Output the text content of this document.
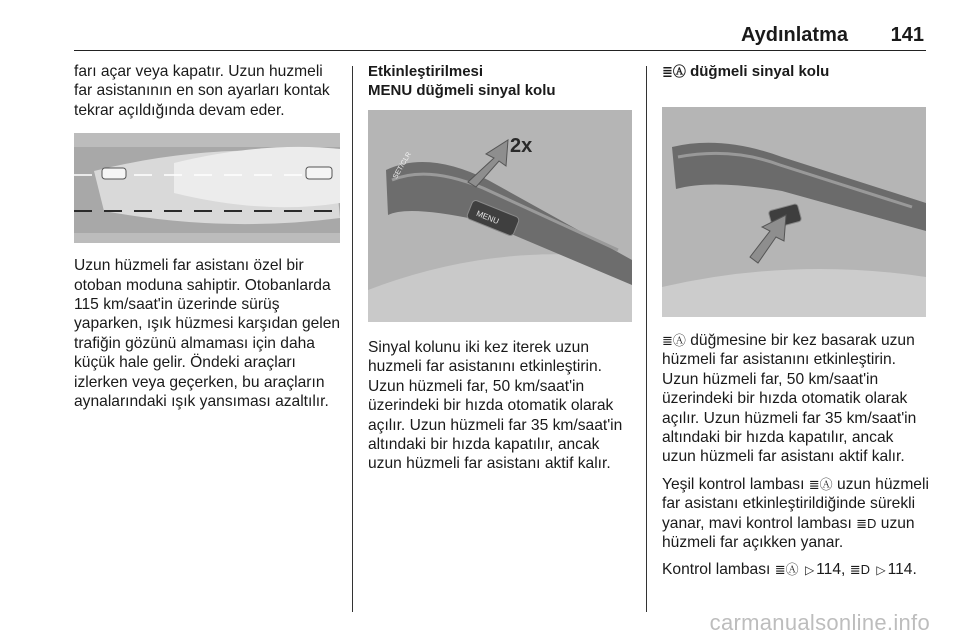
Aydınlatma 141

farı açar veya kapatır. Uzun huzmeli far asistanının en son ayarları kontak tekrar açıldığında devam eder.

Uzun hüzmeli far asistanı özel bir otoban moduna sahiptir. Otobanlarda 115 km/saat'in üzerinde sürüş yaparken, ışık hüzmesi karşıdan gelen trafiğin gözünü almaması için daha küçük hale gelir. Öndeki araçları izlerken veya geçerken, bu araçların aynalarındaki ışık yansıması azaltılır.

Etkinleştirilmesi

MENU düğmeli sinyal kolu

MENU
SET/CLR
2x

Sinyal kolunu iki kez iterek uzun huzmeli far asistanını etkinleştirin. Uzun hüzmeli far, 50 km/saat'in üzerindeki bir hızda otomatik olarak açılır. Uzun hüzmeli far 35 km/saat'in altındaki bir hızda kapatılır, ancak uzun hüzmeli far asistanı aktif kalır.

≣Ⓐ düğmeli sinyal kolu

≣Ⓐ düğmesine bir kez basarak uzun hüzmeli far asistanını etkinleştirin. Uzun hüzmeli far, 50 km/saat'in üzerindeki bir hızda otomatik olarak açılır. Uzun hüzmeli far 35 km/saat'in altındaki bir hızda kapatılır, ancak uzun hüzmeli far asistanı aktif kalır.

Yeşil kontrol lambası ≣Ⓐ uzun hüzmeli far asistanı etkinleştirildiğinde sürekli yanar, mavi kontrol lambası ≣D uzun hüzmeli far açıkken yanar.

Kontrol lambası ≣Ⓐ ▷ 114, ≣D ▷ 114.

carmanualsonline.info
